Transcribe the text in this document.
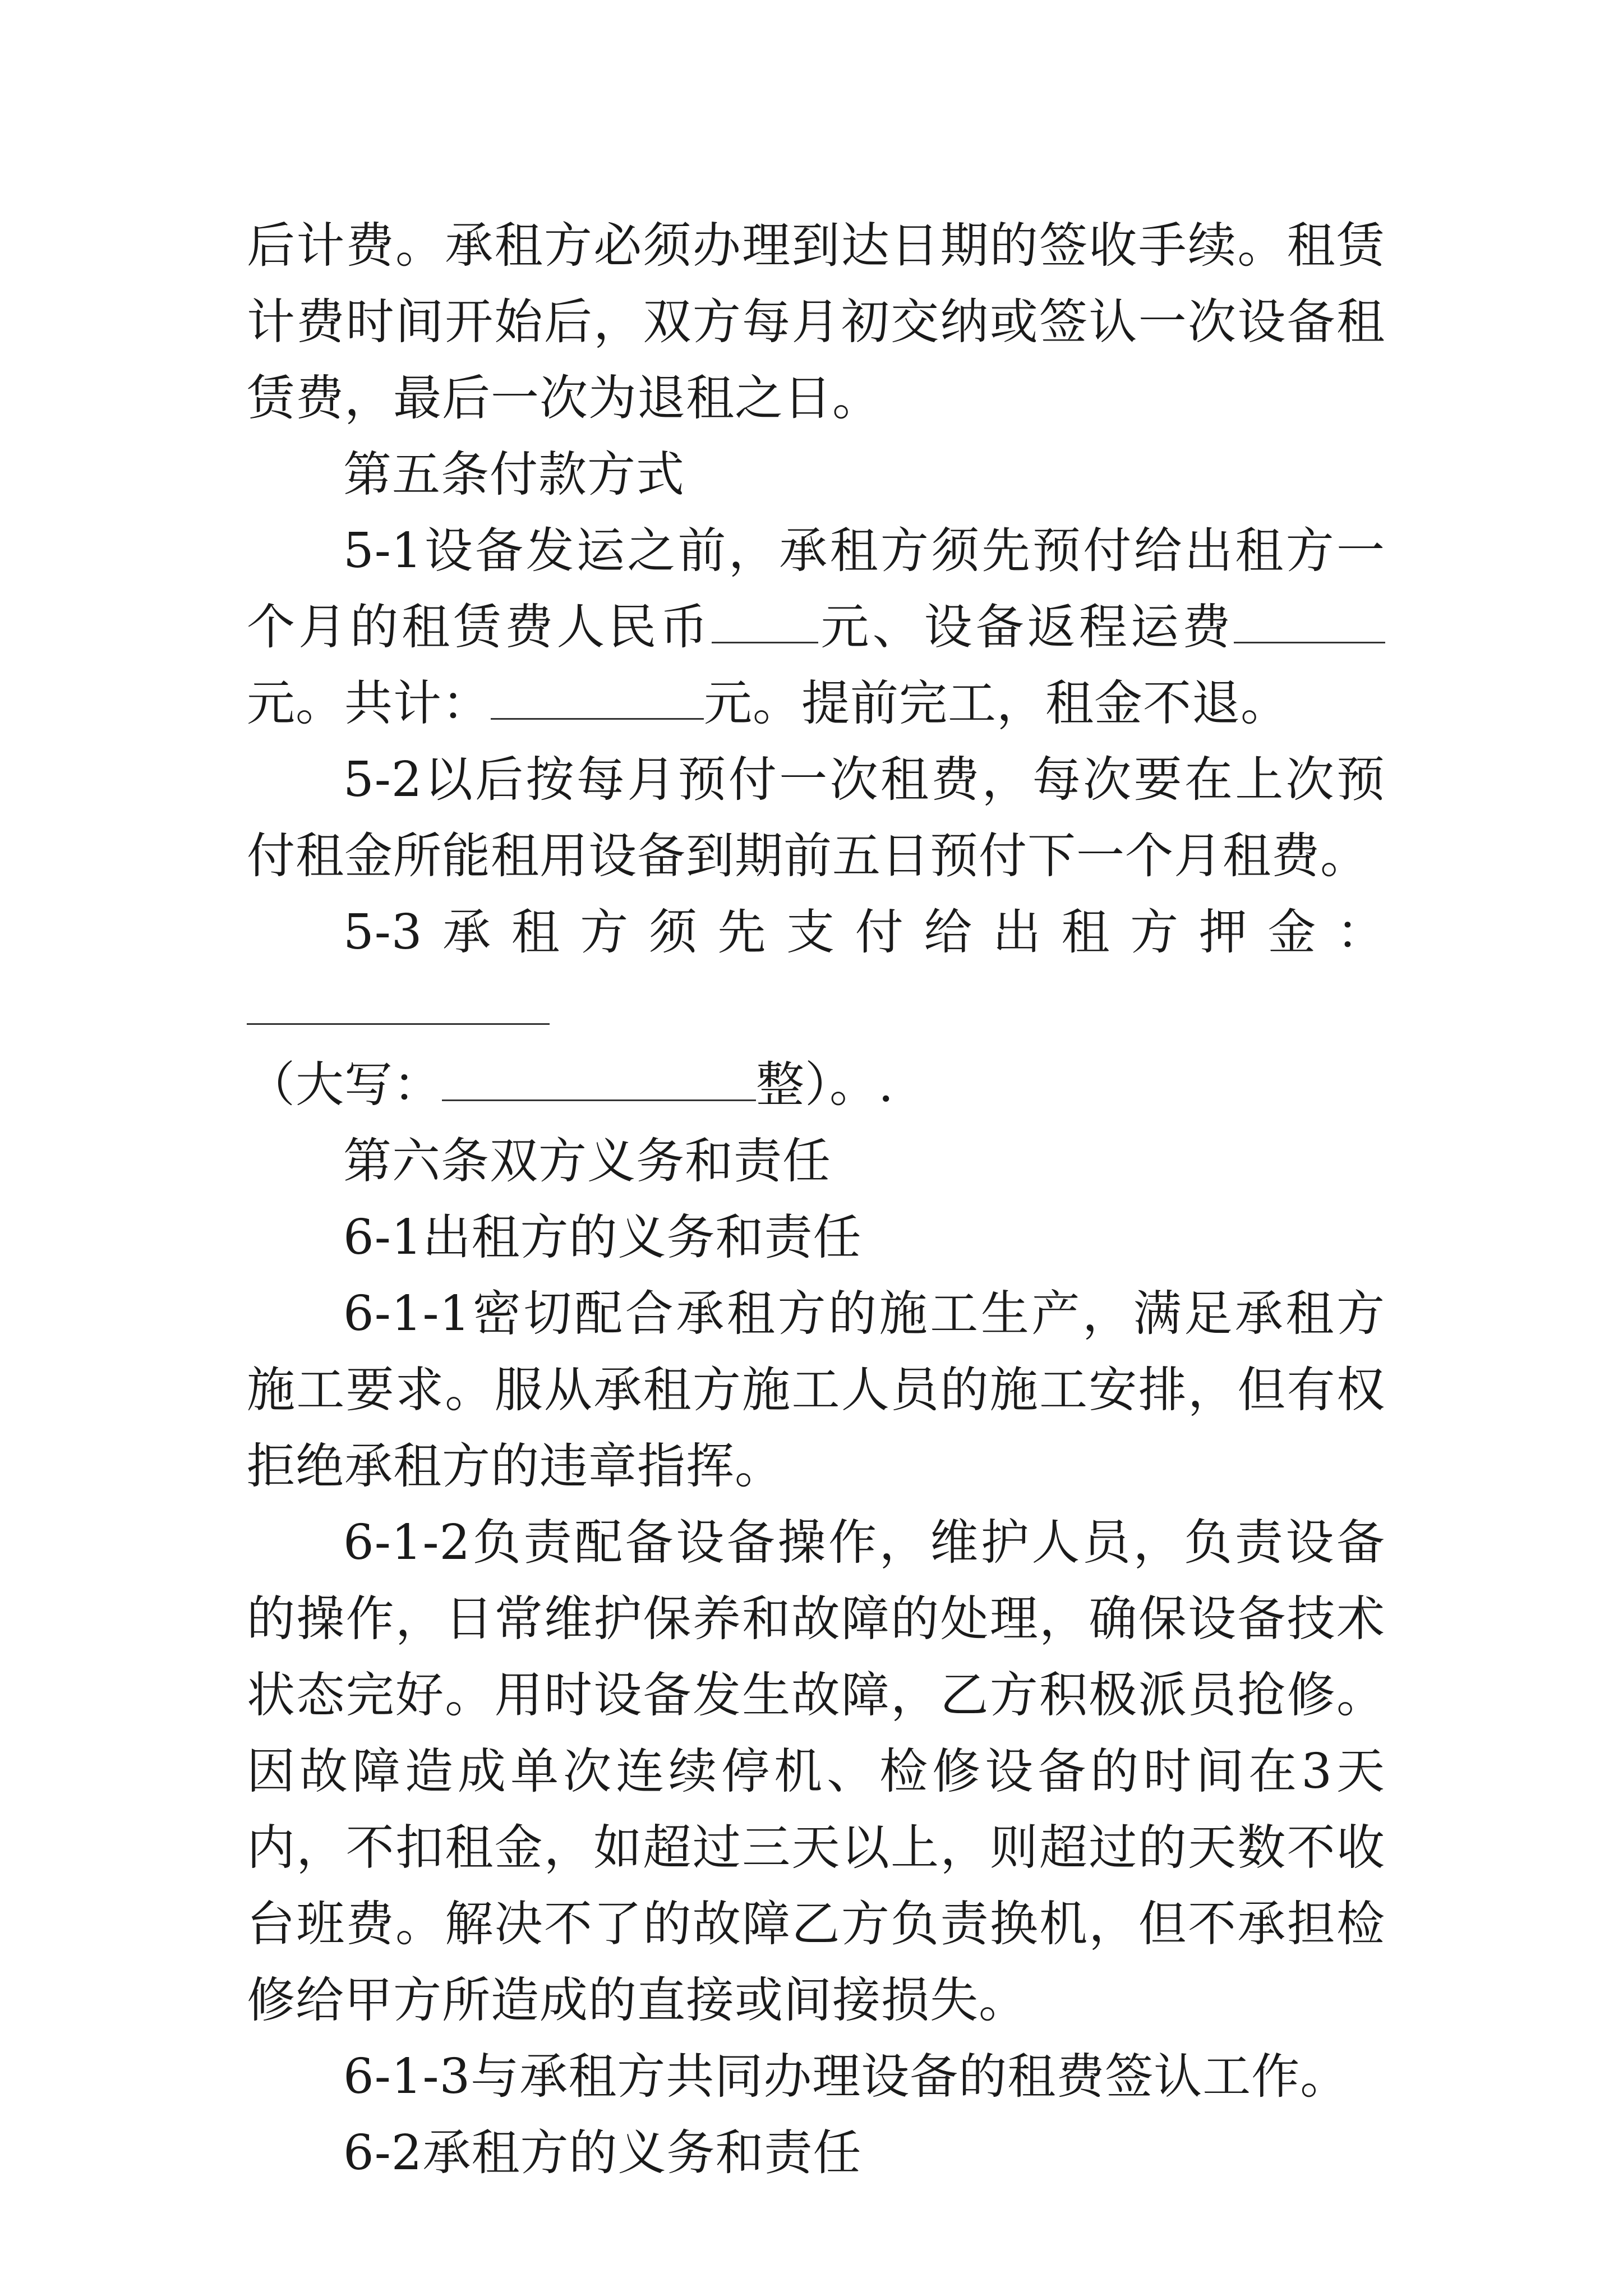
后计费。承租方必须办理到达日期的签收手续。租赁计费时间开始后，双方每月初交纳或签认一次设备租赁费，最后一次为退租之日。

第五条付款方式

5-1设备发运之前，承租方须先预付给出租方一个月的租赁费人民币 元、设备返程运费元。共计：	元。提前完工，租金不退。

5-2以后按每月预付一次租费，每次要在上次预付租金所能租用设备到期前五日预付下一个月租费。

5-3承租方须先支付给出租方押金：
（大写：	整）。.

第六条双方义务和责任

6-1出租方的义务和责任

6-1-1密切配合承租方的施工生产，满足承租方施工要求。服从承租方施工人员的施工安排，但有权拒绝承租方的违章指挥。

6-1-2负责配备设备操作，维护人员，负责设备的操作，日常维护保养和故障的处理，确保设备技术状态完好。用时设备发生故障，乙方积极派员抢修。因故障造成单次连续停机、检修设备的时间在3天内，不扣租金，如超过三天以上，则超过的天数不收台班费。解决不了的故障乙方负责换机，但不承担检修给甲方所造成的直接或间接损失。

6-1-3与承租方共同办理设备的租费签认工作。

6-2承租方的义务和责任
